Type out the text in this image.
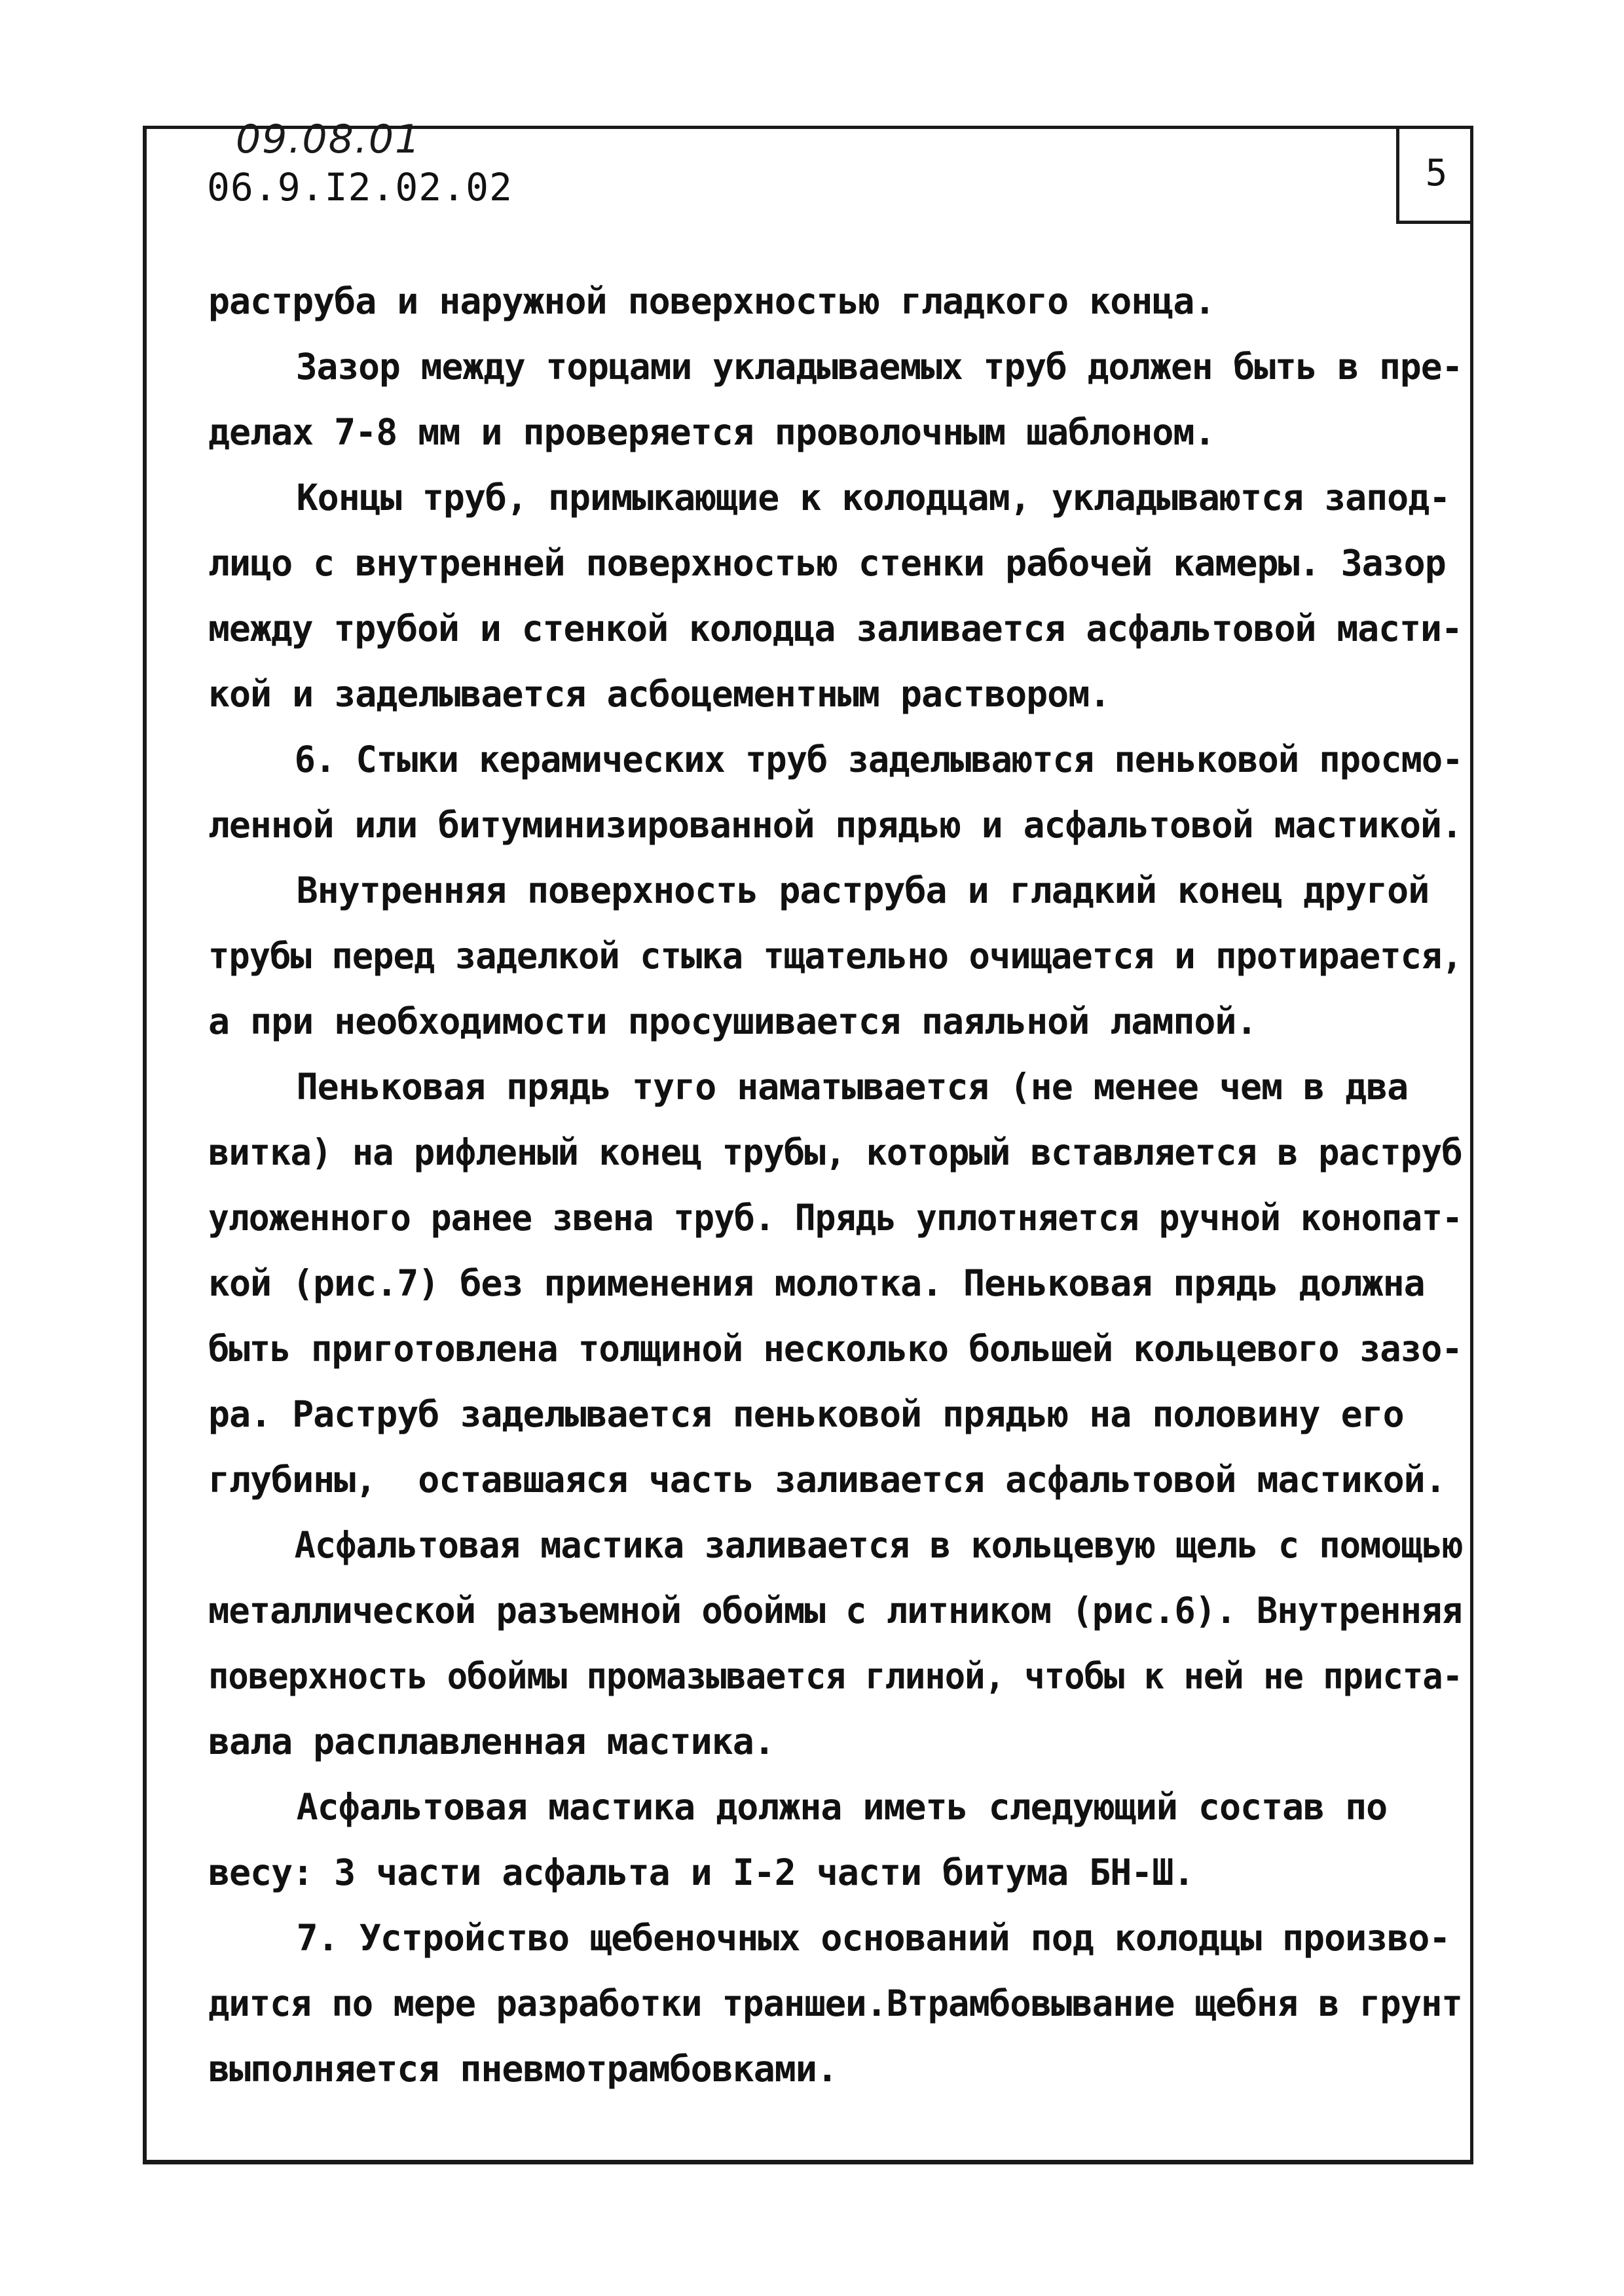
09.08.01
06.9.I2.02.02	5
раструба и наружной поверхностью гладкого конца.
Зазор между торцами укладываемых труб должен быть в пре-
делах 7-8 мм и проверяется проволочным шаблоном.
Концы труб, примыкающие к колодцам, укладываются запод-
лицо с внутренней поверхностью стенки рабочей камеры. Зазор
между трубой и стенкой колодца заливается асфальтовой масти-
кой и заделывается асбоцементным раствором.
6. Стыки керамических труб заделываются пеньковой просмо-
ленной или битуминизированной прядью и асфальтовой мастикой.
Внутренняя поверхность раструба и гладкий конец другой
трубы перед заделкой стыка тщательно очищается и протирается,
а при необходимости просушивается паяльной лампой.
Пеньковая прядь туго наматывается (не менее чем в два
витка) на рифленый конец трубы, который вставляется в раструб
уложенного ранее звена труб. Прядь уплотняется ручной конопат-
кой (рис.7) без применения молотка. Пеньковая прядь должна
быть приготовлена толщиной несколько большей кольцевого зазо-
ра. Раструб заделывается пеньковой прядью на половину его
глубины,  оставшаяся часть заливается асфальтовой мастикой.
Асфальтовая мастика заливается в кольцевую щель с помощью
металлической разъемной обоймы с литником (рис.6). Внутренняя
поверхность обоймы промазывается глиной, чтобы к ней не приста-
вала расплавленная мастика.
Асфальтовая мастика должна иметь следующий состав по
весу: 3 части асфальта и I-2 части битума БН-Ш.
7. Устройство щебеночных оснований под колодцы произво-
дится по мере разработки траншеи.Втрамбовывание щебня в грунт
выполняется пневмотрамбовками.
